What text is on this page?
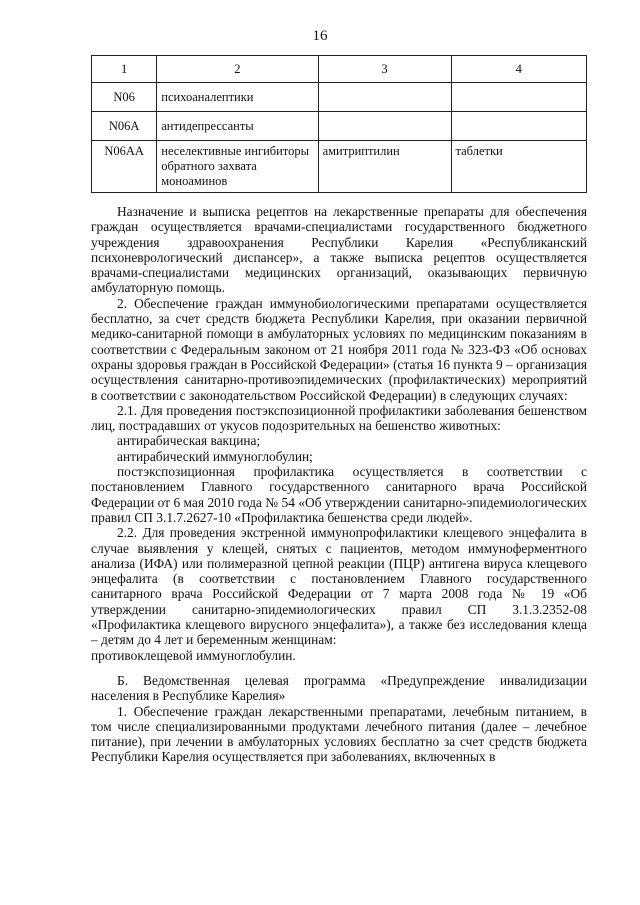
16
1	2	3	4
N06	психоаналептики		
N06A	антидепрессанты		
N06AA	неселективные ингибиторы обратного захвата моноаминов	амитриптилин	таблетки

Назначение и выписка рецептов на лекарственные препараты для обеспечения граждан осуществляется врачами-специалистами государственного бюджетного учреждения здравоохранения Республики Карелия «Республиканский психоневрологический диспансер», а также выписка рецептов осуществляется врачами-специалистами медицинских организаций, оказывающих первичную амбулаторную помощь.

2. Обеспечение граждан иммунобиологическими препаратами осуществляется бесплатно, за счет средств бюджета Республики Карелия, при оказании первичной медико-санитарной помощи в амбулаторных условиях по медицинским показаниям в соответствии с Федеральным законом от 21 ноября 2011 года № 323-ФЗ «Об основах охраны здоровья граждан в Российской Федерации» (статья 16 пункта 9 – организация осуществления санитарно-противоэпидемических (профилактических) мероприятий в соответствии с законодательством Российской Федерации) в следующих случаях:

2.1. Для проведения постэкспозиционной профилактики заболевания бешенством лиц, пострадавших от укусов подозрительных на бешенство животных:

антирабическая вакцина;

антирабический иммуноглобулин;

постэкспозиционная профилактика осуществляется в соответствии с постановлением Главного государственного санитарного врача Российской Федерации от 6 мая 2010 года № 54 «Об утверждении санитарно-эпидемиологических правил СП 3.1.7.2627-10 «Профилактика бешенства среди людей».

2.2. Для проведения экстренной иммунопрофилактики клещевого энцефалита в случае выявления у клещей, снятых с пациентов, методом иммуноферментного анализа (ИФА) или полимеразной цепной реакции (ПЦР) антигена вируса клещевого энцефалита (в соответствии с постановлением Главного государственного санитарного врача Российской Федерации от 7 марта 2008 года № 19 «Об утверждении санитарно-эпидемиологических правил СП 3.1.3.2352-08 «Профилактика клещевого вирусного энцефалита»), а также без исследования клеща – детям до 4 лет и беременным женщинам:

противоклещевой иммуноглобулин.

Б. Ведомственная целевая программа «Предупреждение инвалидизации населения в Республике Карелия»

1. Обеспечение граждан лекарственными препаратами, лечебным питанием, в том числе специализированными продуктами лечебного питания (далее – лечебное питание), при лечении в амбулаторных условиях бесплатно за счет средств бюджета Республики Карелия осуществляется при заболеваниях, включенных в
